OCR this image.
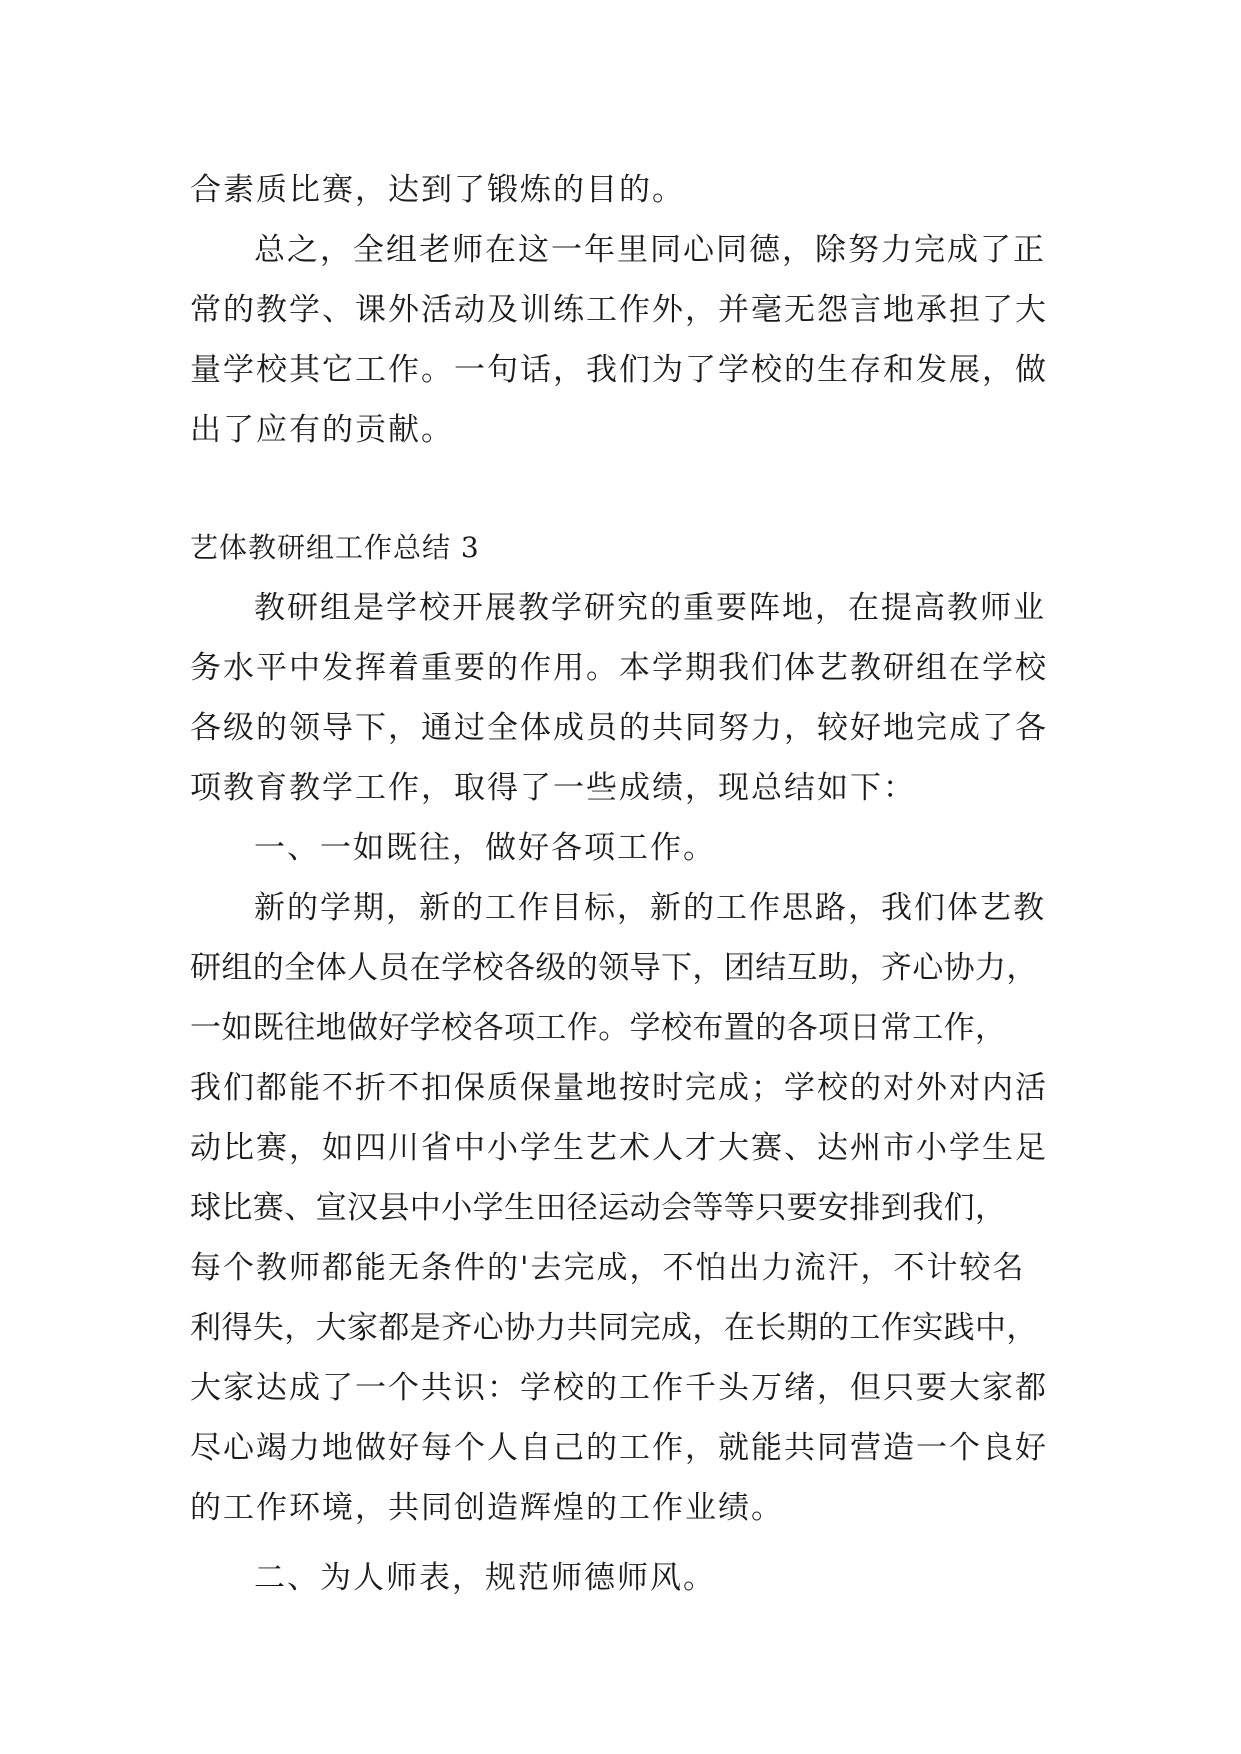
合素质比赛，达到了锻炼的目的。
总之，全组老师在这一年里同心同德，除努力完成了正
常的教学、课外活动及训练工作外，并毫无怨言地承担了大
量学校其它工作。一句话，我们为了学校的生存和发展，做
出了应有的贡献。
艺体教研组工作总结 3
教研组是学校开展教学研究的重要阵地，在提高教师业
务水平中发挥着重要的作用。本学期我们体艺教研组在学校
各级的领导下，通过全体成员的共同努力，较好地完成了各
项教育教学工作，取得了一些成绩，现总结如下：
一、一如既往，做好各项工作。
新的学期，新的工作目标，新的工作思路，我们体艺教
研组的全体人员在学校各级的领导下，团结互助，齐心协力，
一如既往地做好学校各项工作。学校布置的各项日常工作，
我们都能不折不扣保质保量地按时完成；学校的对外对内活
动比赛，如四川省中小学生艺术人才大赛、达州市小学生足
球比赛、宣汉县中小学生田径运动会等等只要安排到我们，
每个教师都能无条件的'去完成，不怕出力流汗，不计较名
利得失，大家都是齐心协力共同完成，在长期的工作实践中，
大家达成了一个共识：学校的工作千头万绪，但只要大家都
尽心竭力地做好每个人自己的工作，就能共同营造一个良好
的工作环境，共同创造辉煌的工作业绩。
二、为人师表，规范师德师风。
